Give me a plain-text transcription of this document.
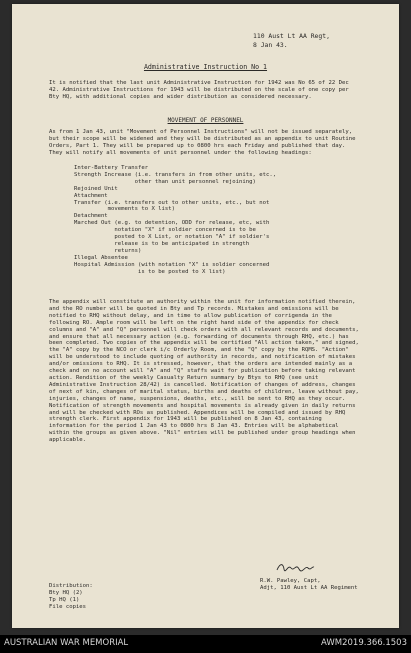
110 Aust Lt AA Regt,
8 Jan 43.
Administrative Instruction No 1

It is notified that the last unit Administrative Instruction for 1942 was No 65 of 22 Dec 42. Administrative Instructions for 1943 will be distributed on the scale of one copy per Bty HQ, with additional copies and wider distribution as considered necessary.

MOVEMENT OF PERSONNEL

As from 1 Jan 43, unit "Movement of Personnel Instructions" will not be issued separately, but their scope will be widened and they will be distributed as an appendix to unit Routine Orders, Part 1. They will be prepared up to 0800 hrs each Friday and published that day. They will notify all movements of unit personnel under the following headings:

Inter-Battery Transfer
Strength Increase (i.e. transfers in from other units, etc.,
other than unit personnel rejoining)
Rejoined Unit
Attachment
Transfer (i.e. transfers out to other units, etc., but not
movements to X list)
Detachment
Marched Out (e.g. to detention, ODD for release, etc, with
notation "X" if soldier concerned is to be
posted to X List, or notation "A" if soldier's
release is to be anticipated in strength
returns)
Illegal Absentee
Hospital Admission (with notation "X" is soldier concerned
is to be posted to X list)

The appendix will constitute an authority within the unit for information notified therein, and the RO number will be quoted in Bty and Tp records. Mistakes and omissions will be notified to RHQ without delay, and in time to allow publication of corrigenda in the following RO. Ample room will be left on the right hand side of the appendix for check columns and "A" and "Q" personnel will check orders with all relevant records and documents, and ensure that all necessary action (e.g. forwarding of documents through RHQ, etc.) has been completed. Two copies of the appendix will be certified "All action taken," and signed, the "A" copy by the NCO or clerk i/c Orderly Room, and the "Q" copy by the RQMS. "Action" will be understood to include quoting of authority in records, and notification of mistakes and/or omissions to RHQ. It is stressed, however, that the orders are intended mainly as a check and on no account will "A" and "Q" staffs wait for publication before taking relevant action. Rendition of the weekly Casualty Return summary by Btys to RHQ (see unit Administrative Instruction 28/42) is cancelled. Notification of changes of address, changes of next of kin, changes of marital status, births and deaths of children, leave without pay, injuries, changes of name, suspensions, deaths, etc., will be sent to RHQ as they occur. Notification of strength movements and hospital movements is already given in daily returns and will be checked with ROs as published. Appendices will be compiled and issued by RHQ strength clerk. First appendix for 1943 will be published on 8 Jan 43, containing information for the period 1 Jan 43 to 0800 hrs 8 Jan 43. Entries will be alphabetical within the groups as given above. "Nil" entries will be published under group headings when applicable.

R.W. Pawley, Capt,
Adjt, 110 Aust Lt AA Regiment
Distribution:
Bty HQ (2)
Tp HQ (1)
File copies
AUSTRALIAN WAR MEMORIAL	AWM2019.366.1503
